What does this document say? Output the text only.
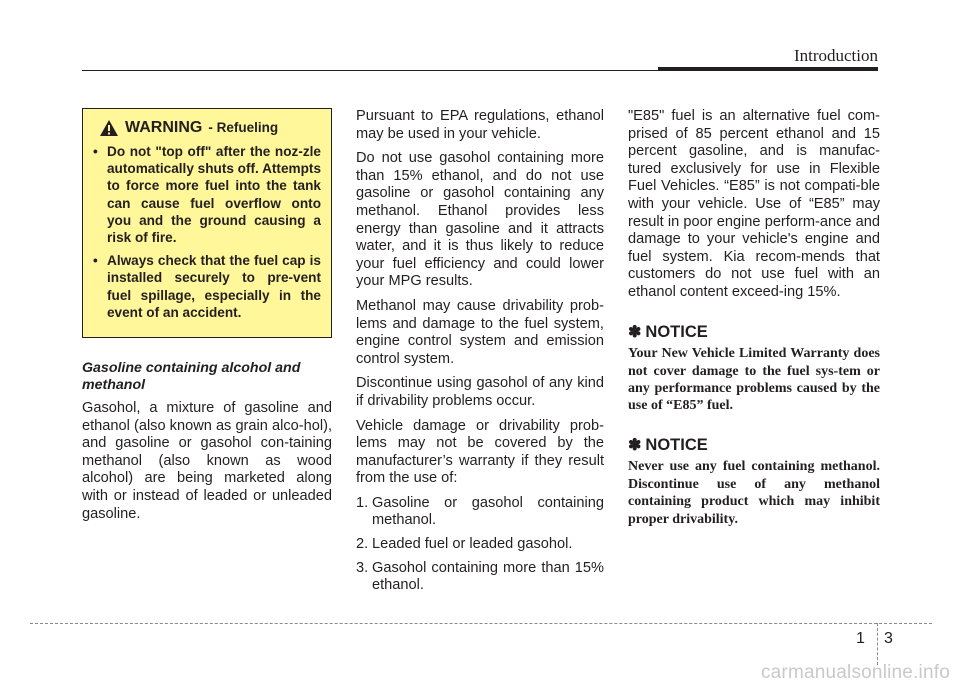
Introduction
WARNING - Refueling
• Do not "top off" after the noz-zle automatically shuts off. Attempts to force more fuel into the tank can cause fuel overflow onto you and the ground causing a risk of fire.
• Always check that the fuel cap is installed securely to pre-vent fuel spillage, especially in the event of an accident.
Gasoline containing alcohol and methanol

Gasohol, a mixture of gasoline and ethanol (also known as grain alco-hol), and gasoline or gasohol con-taining methanol (also known as wood alcohol) are being marketed along with or instead of leaded or unleaded gasoline.

Pursuant to EPA regulations, ethanol may be used in your vehicle.

Do not use gasohol containing more than 15% ethanol, and do not use gasoline or gasohol containing any methanol. Ethanol provides less energy than gasoline and it attracts water, and it is thus likely to reduce your fuel efficiency and could lower your MPG results.

Methanol may cause drivability prob-lems and damage to the fuel system, engine control system and emission control system.

Discontinue using gasohol of any kind if drivability problems occur.

Vehicle damage or drivability prob-lems may not be covered by the manufacturer’s warranty if they result from the use of:

1. Gasoline or gasohol containing methanol.
2. Leaded fuel or leaded gasohol.
3. Gasohol containing more than 15% ethanol.

"E85" fuel is an alternative fuel com-prised of 85 percent ethanol and 15 percent gasoline, and is manufac-tured exclusively for use in Flexible Fuel Vehicles. “E85” is not compati-ble with your vehicle. Use of “E85” may result in poor engine perform-ance and damage to your vehicle's engine and fuel system. Kia recom-mends that customers do not use fuel with an ethanol content exceed-ing 15%.

✽ NOTICE
Your New Vehicle Limited Warranty does not cover damage to the fuel sys-tem or any performance problems caused by the use of “E85” fuel.
✽ NOTICE
Never use any fuel containing methanol. Discontinue use of any methanol containing product which may inhibit proper drivability.
1 3
carmanualsonline.info
